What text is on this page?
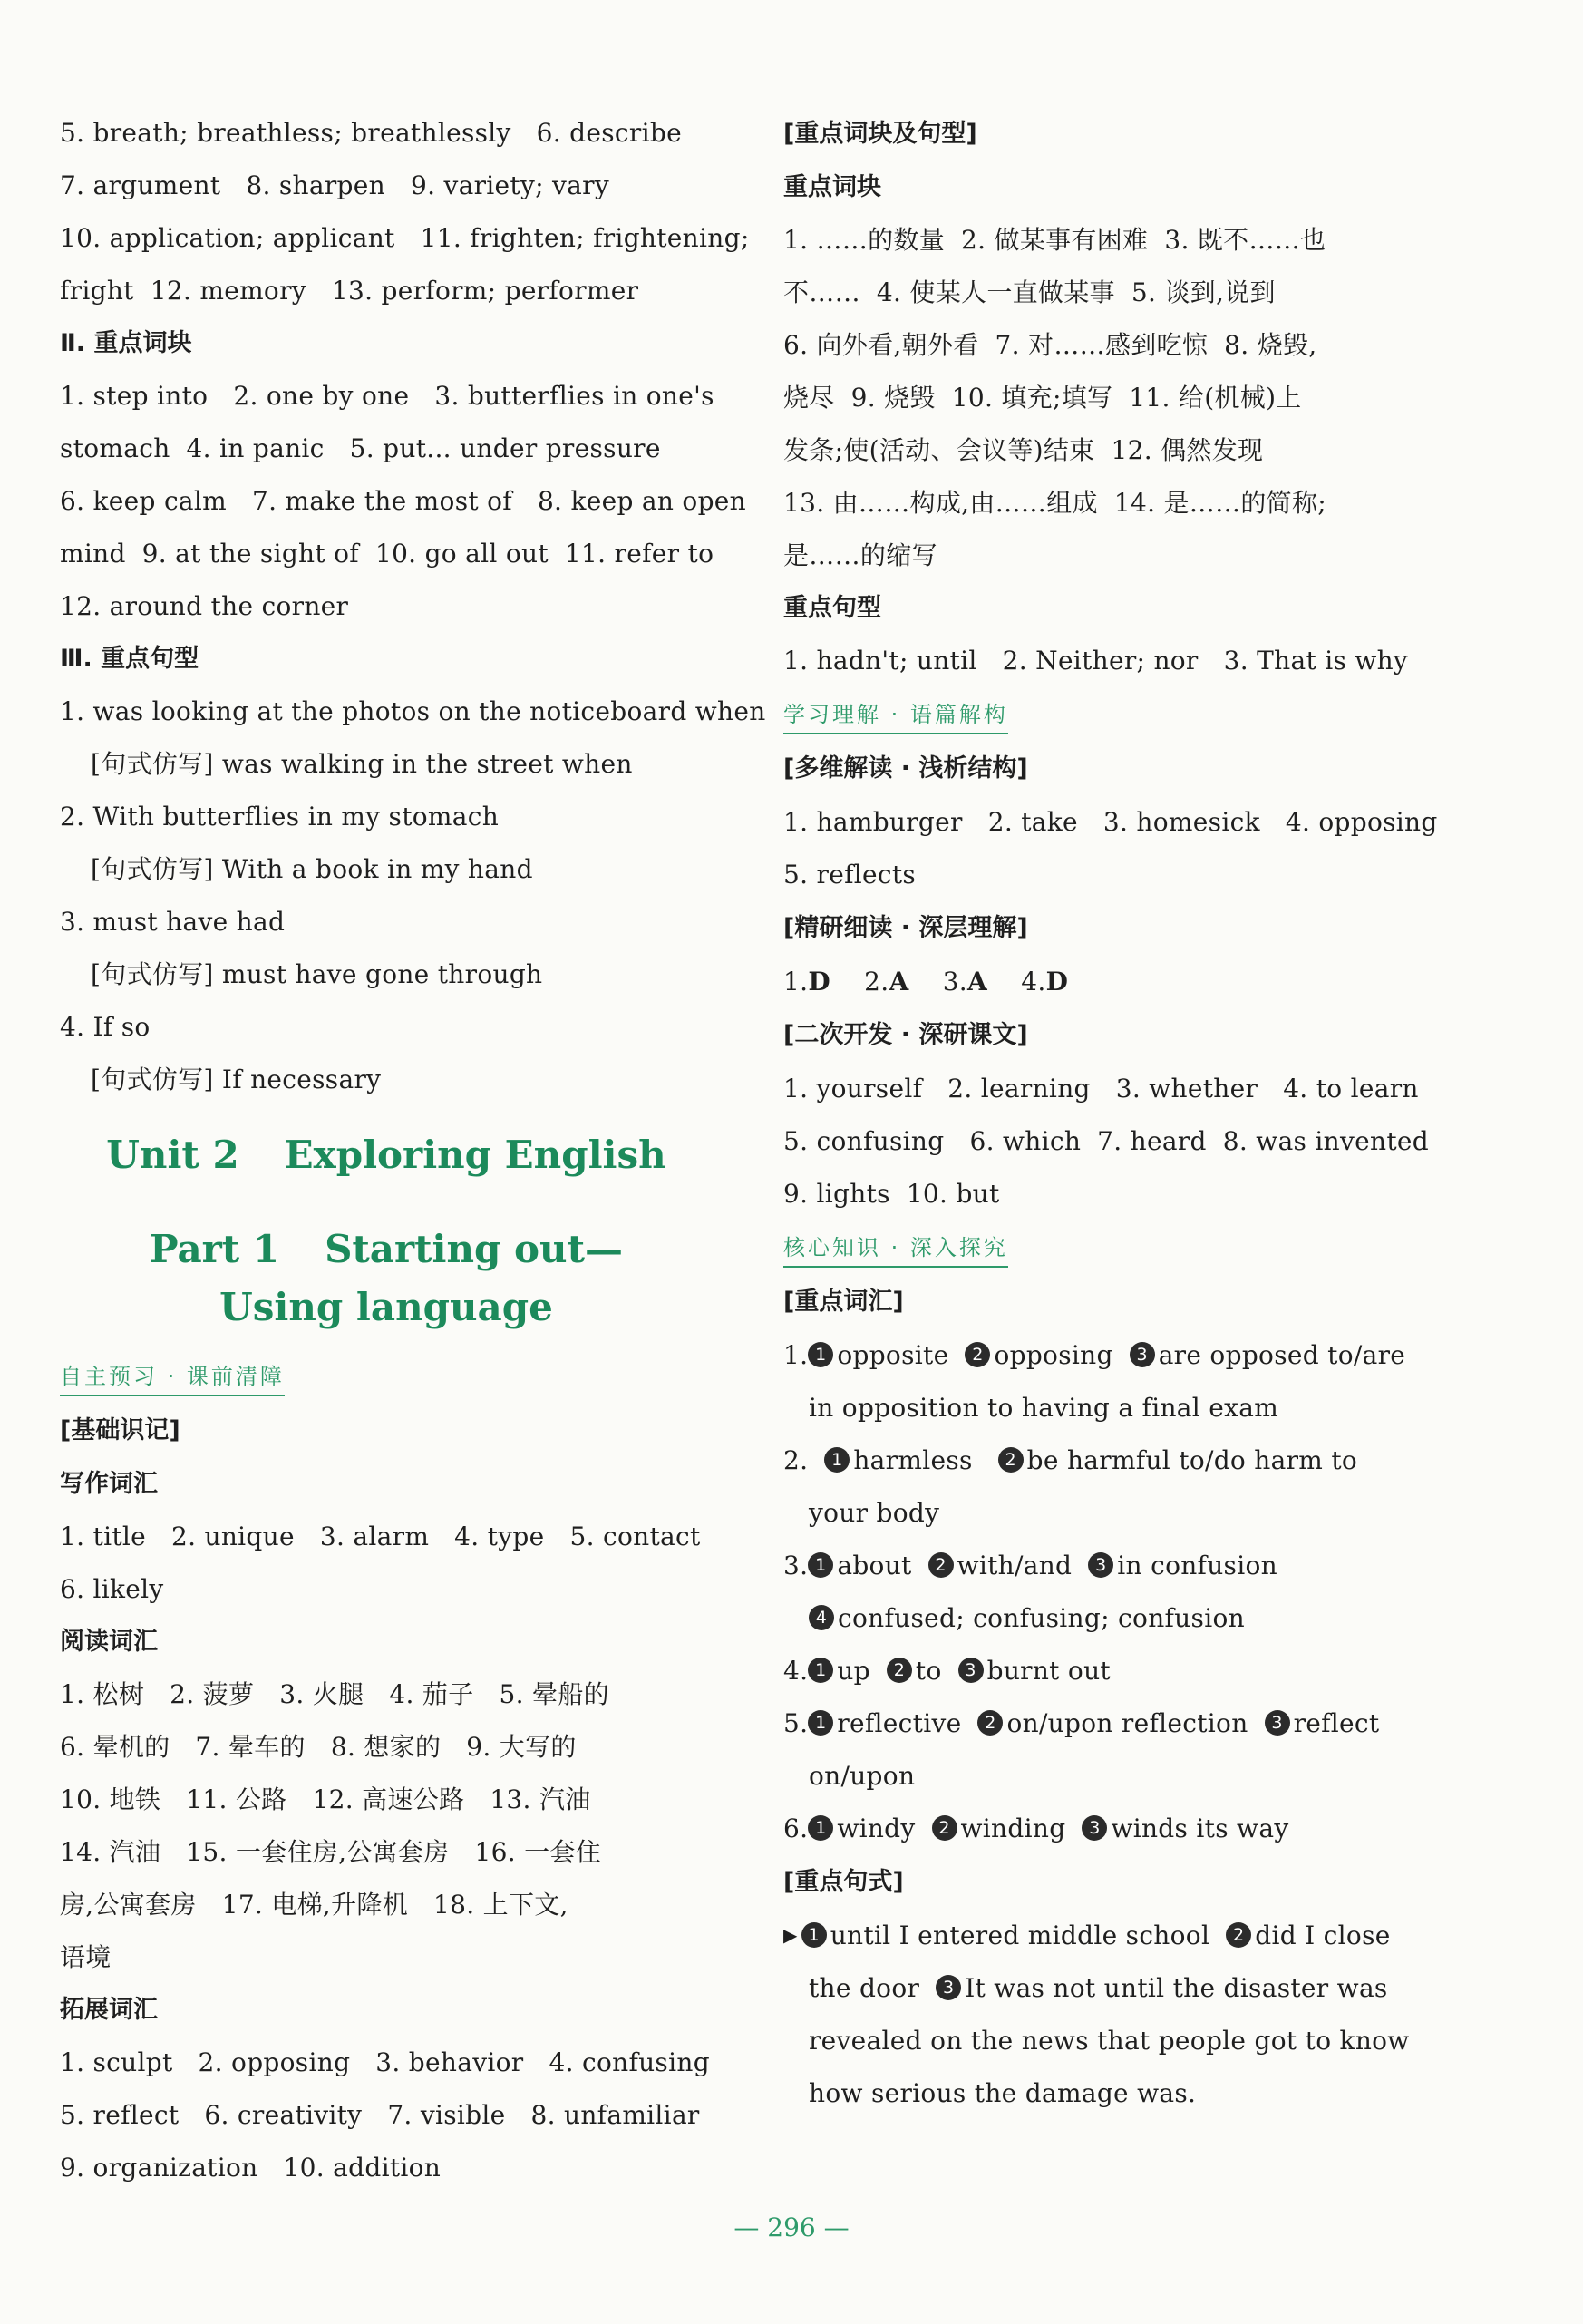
5. breath; breathless; breathlessly 6. describe
7. argument 8. sharpen 9. variety; vary
10. application; applicant 11. frighten; frightening;
fright 12. memory 13. perform; performer
Ⅱ. 重点词块
1. step into 2. one by one 3. butterflies in one's
stomach 4. in panic 5. put... under pressure
6. keep calm 7. make the most of 8. keep an open
mind 9. at the sight of 10. go all out 11. refer to
12. around the corner
Ⅲ. 重点句型
1. was looking at the photos on the noticeboard when
[句式仿写] was walking in the street when
2. With butterflies in my stomach
[句式仿写] With a book in my hand
3. must have had
[句式仿写] must have gone through
4. If so
[句式仿写] If necessary
Unit 2 Exploring English
Part 1 Starting out—
Using language
自主预习 · 课前清障
[基础识记]
写作词汇
1. title 2. unique 3. alarm 4. type 5. contact
6. likely
阅读词汇
1. 松树 2. 菠萝 3. 火腿 4. 茄子 5. 晕船的
6. 晕机的 7. 晕车的 8. 想家的 9. 大写的
10. 地铁 11. 公路 12. 高速公路 13. 汽油
14. 汽油 15. 一套住房,公寓套房 16. 一套住
房,公寓套房 17. 电梯,升降机 18. 上下文,
语境
拓展词汇
1. sculpt 2. opposing 3. behavior 4. confusing
5. reflect 6. creativity 7. visible 8. unfamiliar
9. organization 10. addition
[重点词块及句型]
重点词块
1. ……的数量 2. 做某事有困难 3. 既不……也
不…… 4. 使某人一直做某事 5. 谈到,说到
6. 向外看,朝外看 7. 对……感到吃惊 8. 烧毁,
烧尽 9. 烧毁 10. 填充;填写 11. 给(机械)上
发条;使(活动、会议等)结束 12. 偶然发现
13. 由……构成,由……组成 14. 是……的简称;
是……的缩写
重点句型
1. hadn't; until 2. Neither; nor 3. That is why
学习理解 · 语篇解构
[多维解读 · 浅析结构]
1. hamburger 2. take 3. homesick 4. opposing
5. reflects
[精研细读 · 深层理解]
1.D 2.A 3.A 4.D
[二次开发 · 深研课文]
1. yourself 2. learning 3. whether 4. to learn
5. confusing 6. which 7. heard 8. was invented
9. lights 10. but
核心知识 · 深入探究
[重点词汇]
1. 1 opposite 2 opposing 3 are opposed to/are
in opposition to having a final exam
2. 1 harmless 2 be harmful to/do harm to
your body
3. 1 about 2 with/and 3 in confusion
4 confused; confusing; confusion
4. 1 up 2 to 3 burnt out
5. 1 reflective 2 on/upon reflection 3 reflect
on/upon
6. 1 windy 2 winding 3 winds its way
[重点句式]
▶ 1 until I entered middle school 2 did I close
the door 3 It was not until the disaster was
revealed on the news that people got to know
how serious the damage was.
— 296 —
